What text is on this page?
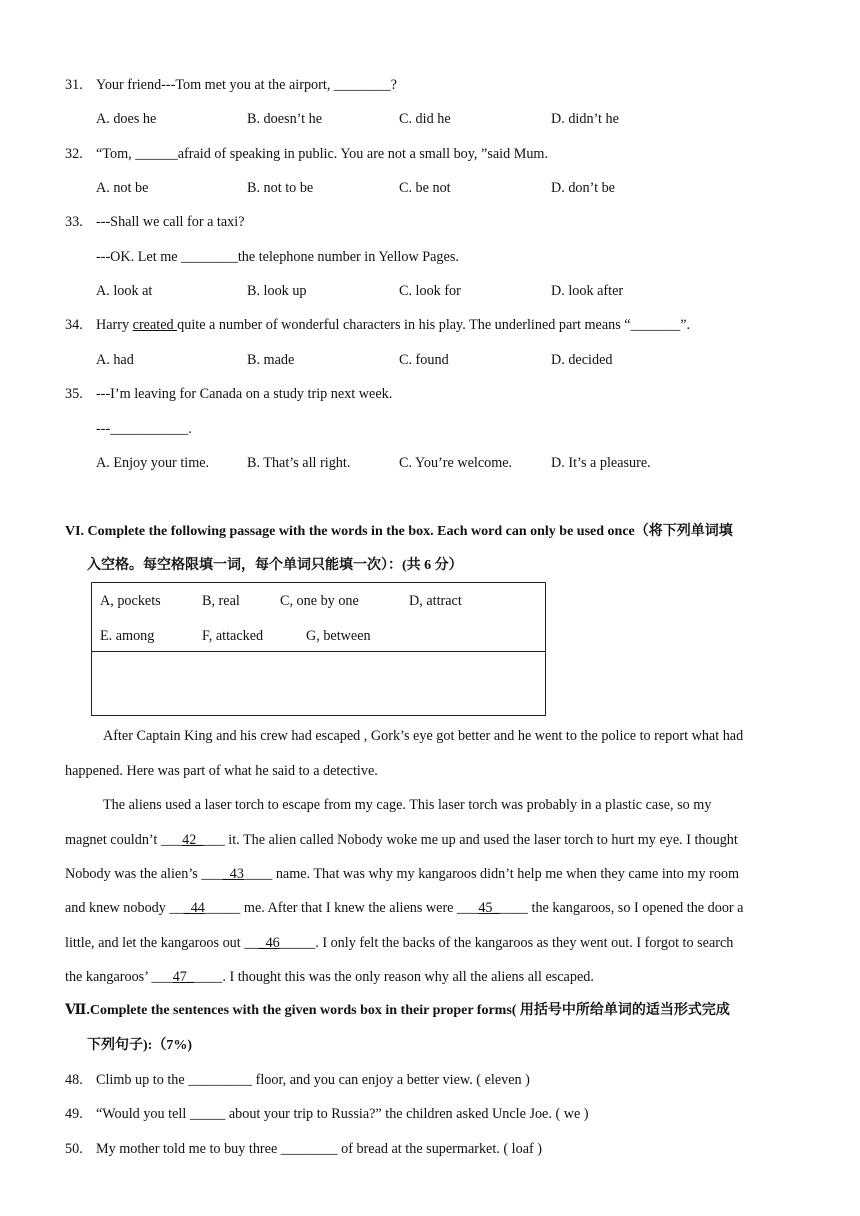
31. Your friend---Tom met you at the airport, ________?
A. does he	B. doesn’t he	C. did he	D. didn’t he
32. “Tom, ______afraid of speaking in public. You are not a small boy, ”said Mum.
A. not be	B. not to be	C. be not	D. don’t be
33. ---Shall we call for a taxi?
---OK. Let me ________the telephone number in Yellow Pages.
A. look at	B. look up	C. look for	D. look after
34. Harry created quite a number of wonderful characters in his play. The underlined part means “_______”.
A. had	B. made	C. found	D. decided
35. ---I’m leaving for Canada on a study trip next week.
---___________.
A. Enjoy your time.	B. That’s all right.	C. You’re welcome.	D. It’s a pleasure.
VI. Complete the following passage with the words in the box. Each word can only be used once（将下列单词填
入空格。每空格限填一词，每个单词只能填一次）：(共 6 分）
A, pockets	B, real	C, one by one	D, attract
E. among	F, attacked	G, between
After Captain King and his crew had escaped , Gork’s eye got better and he went to the police to report what had
happened. Here was part of what he said to a detective.
The aliens used a laser torch to escape from my cage. This laser torch was probably in a plastic case, so my
magnet couldn’t ___42____ it. The alien called Nobody woke me up and used the laser torch to hurt my eye. I thought
Nobody was the alien’s ____43____ name. That was why my kangaroos didn’t help me when they came into my room
and knew nobody ___44_____ me. After that I knew the aliens were ___45_____ the kangaroos, so I opened the door a
little, and let the kangaroos out ___46_____. I only felt the backs of the kangaroos as they went out. I forgot to search
the kangaroos’ ___47_____. I thought this was the only reason why all the aliens all escaped.
Ⅶ.Complete the sentences with the given words box in their proper forms( 用括号中所给单词的适当形式完成
下列句子):（7%)
48. Climb up to the _________ floor, and you can enjoy a better view. ( eleven )
49. “Would you tell _____ about your trip to Russia?” the children asked Uncle Joe. ( we )
50. My mother told me to buy three ________ of bread at the supermarket. ( loaf )
